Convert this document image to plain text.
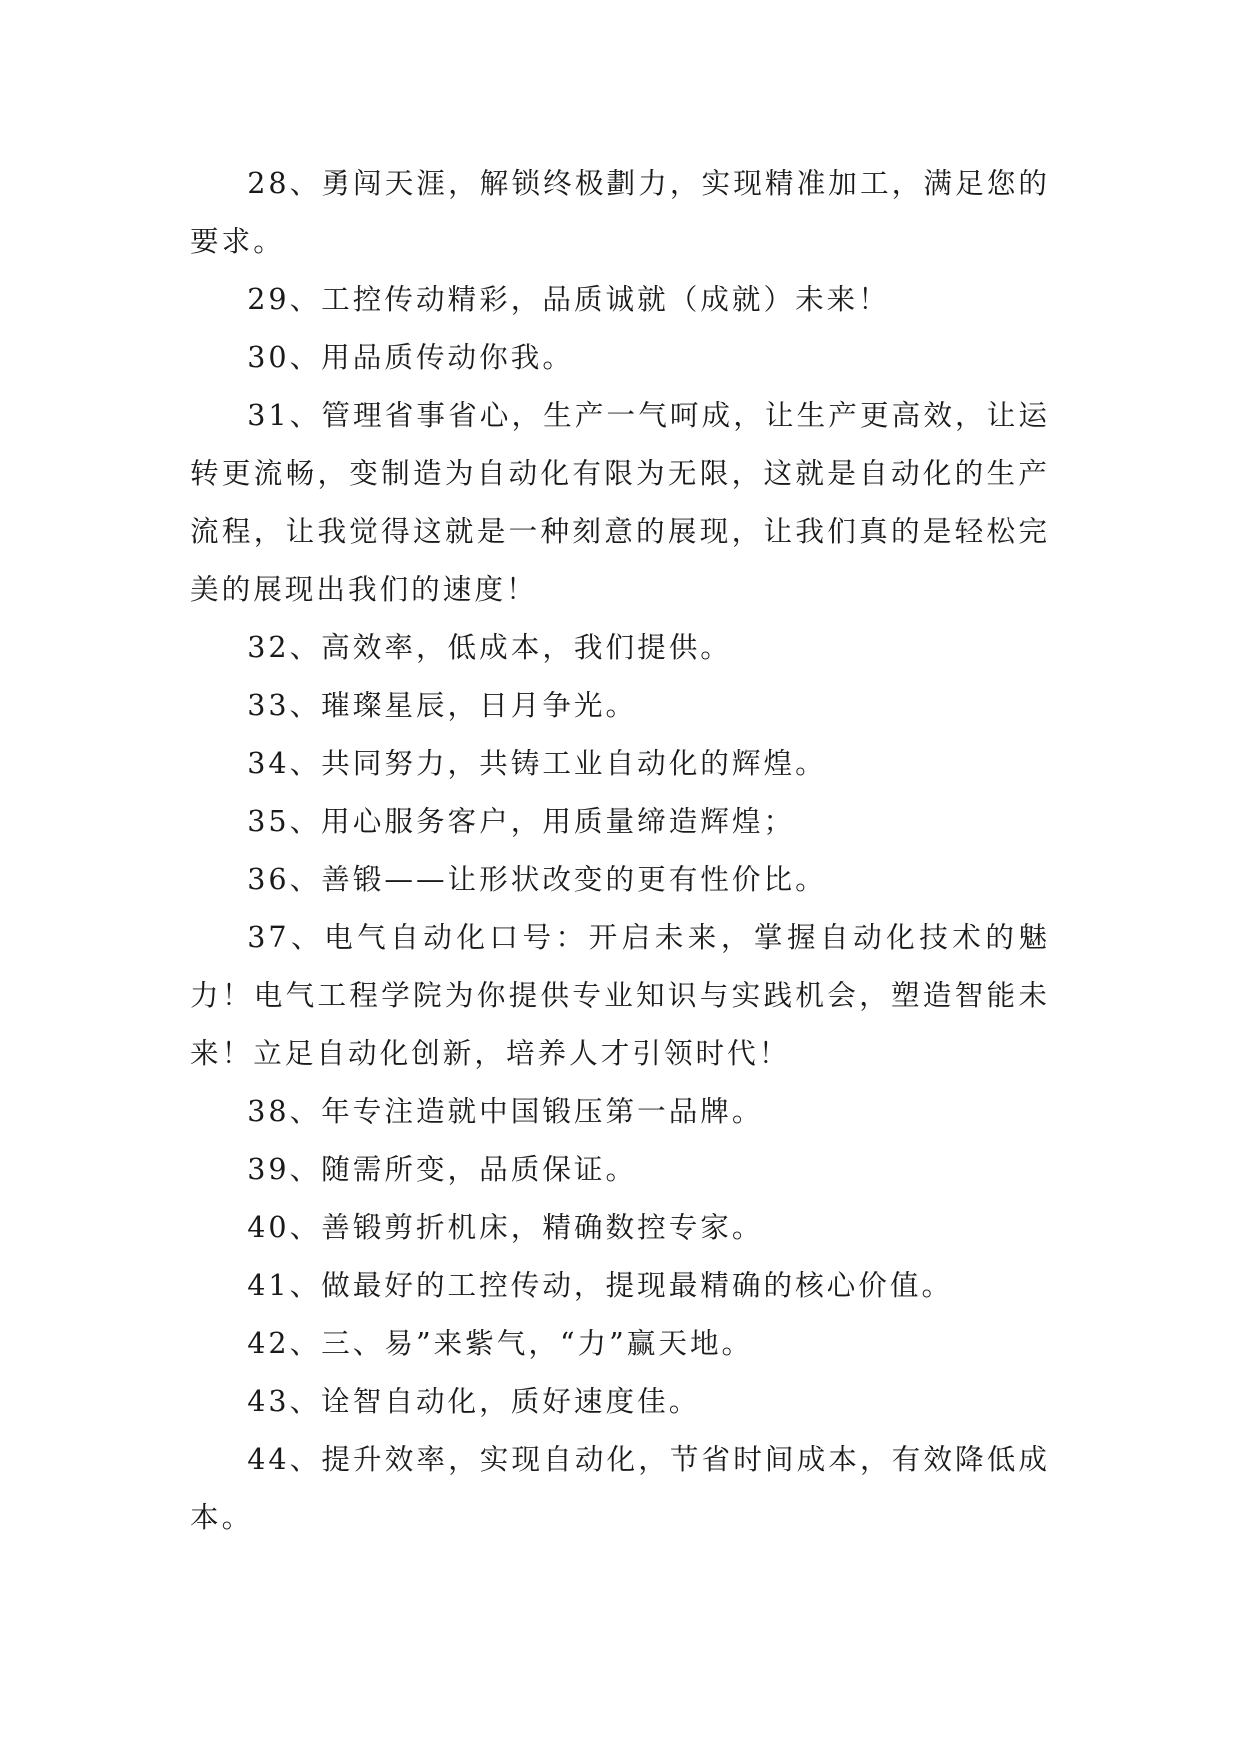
28、勇闯天涯，解锁终极劃力，实现精准加工，满足您的要求。

29、工控传动精彩，品质诚就（成就）未来！

30、用品质传动你我。

31、管理省事省心，生产一气呵成，让生产更高效，让运转更流畅，变制造为自动化有限为无限，这就是自动化的生产流程，让我觉得这就是一种刻意的展现，让我们真的是轻松完美的展现出我们的速度！

32、高效率，低成本，我们提供。

33、璀璨星辰，日月争光。

34、共同努力，共铸工业自动化的辉煌。

35、用心服务客户，用质量缔造辉煌；

36、善锻——让形状改变的更有性价比。

37、电气自动化口号：开启未来，掌握自动化技术的魅力！电气工程学院为你提供专业知识与实践机会，塑造智能未来！立足自动化创新，培养人才引领时代！

38、年专注造就中国锻压第一品牌。

39、随需所变，品质保证。

40、善锻剪折机床，精确数控专家。

41、做最好的工控传动，提现最精确的核心价值。

42、三、易”来紫气，“力”赢天地。

43、诠智自动化，质好速度佳。

44、提升效率，实现自动化，节省时间成本，有效降低成本。
